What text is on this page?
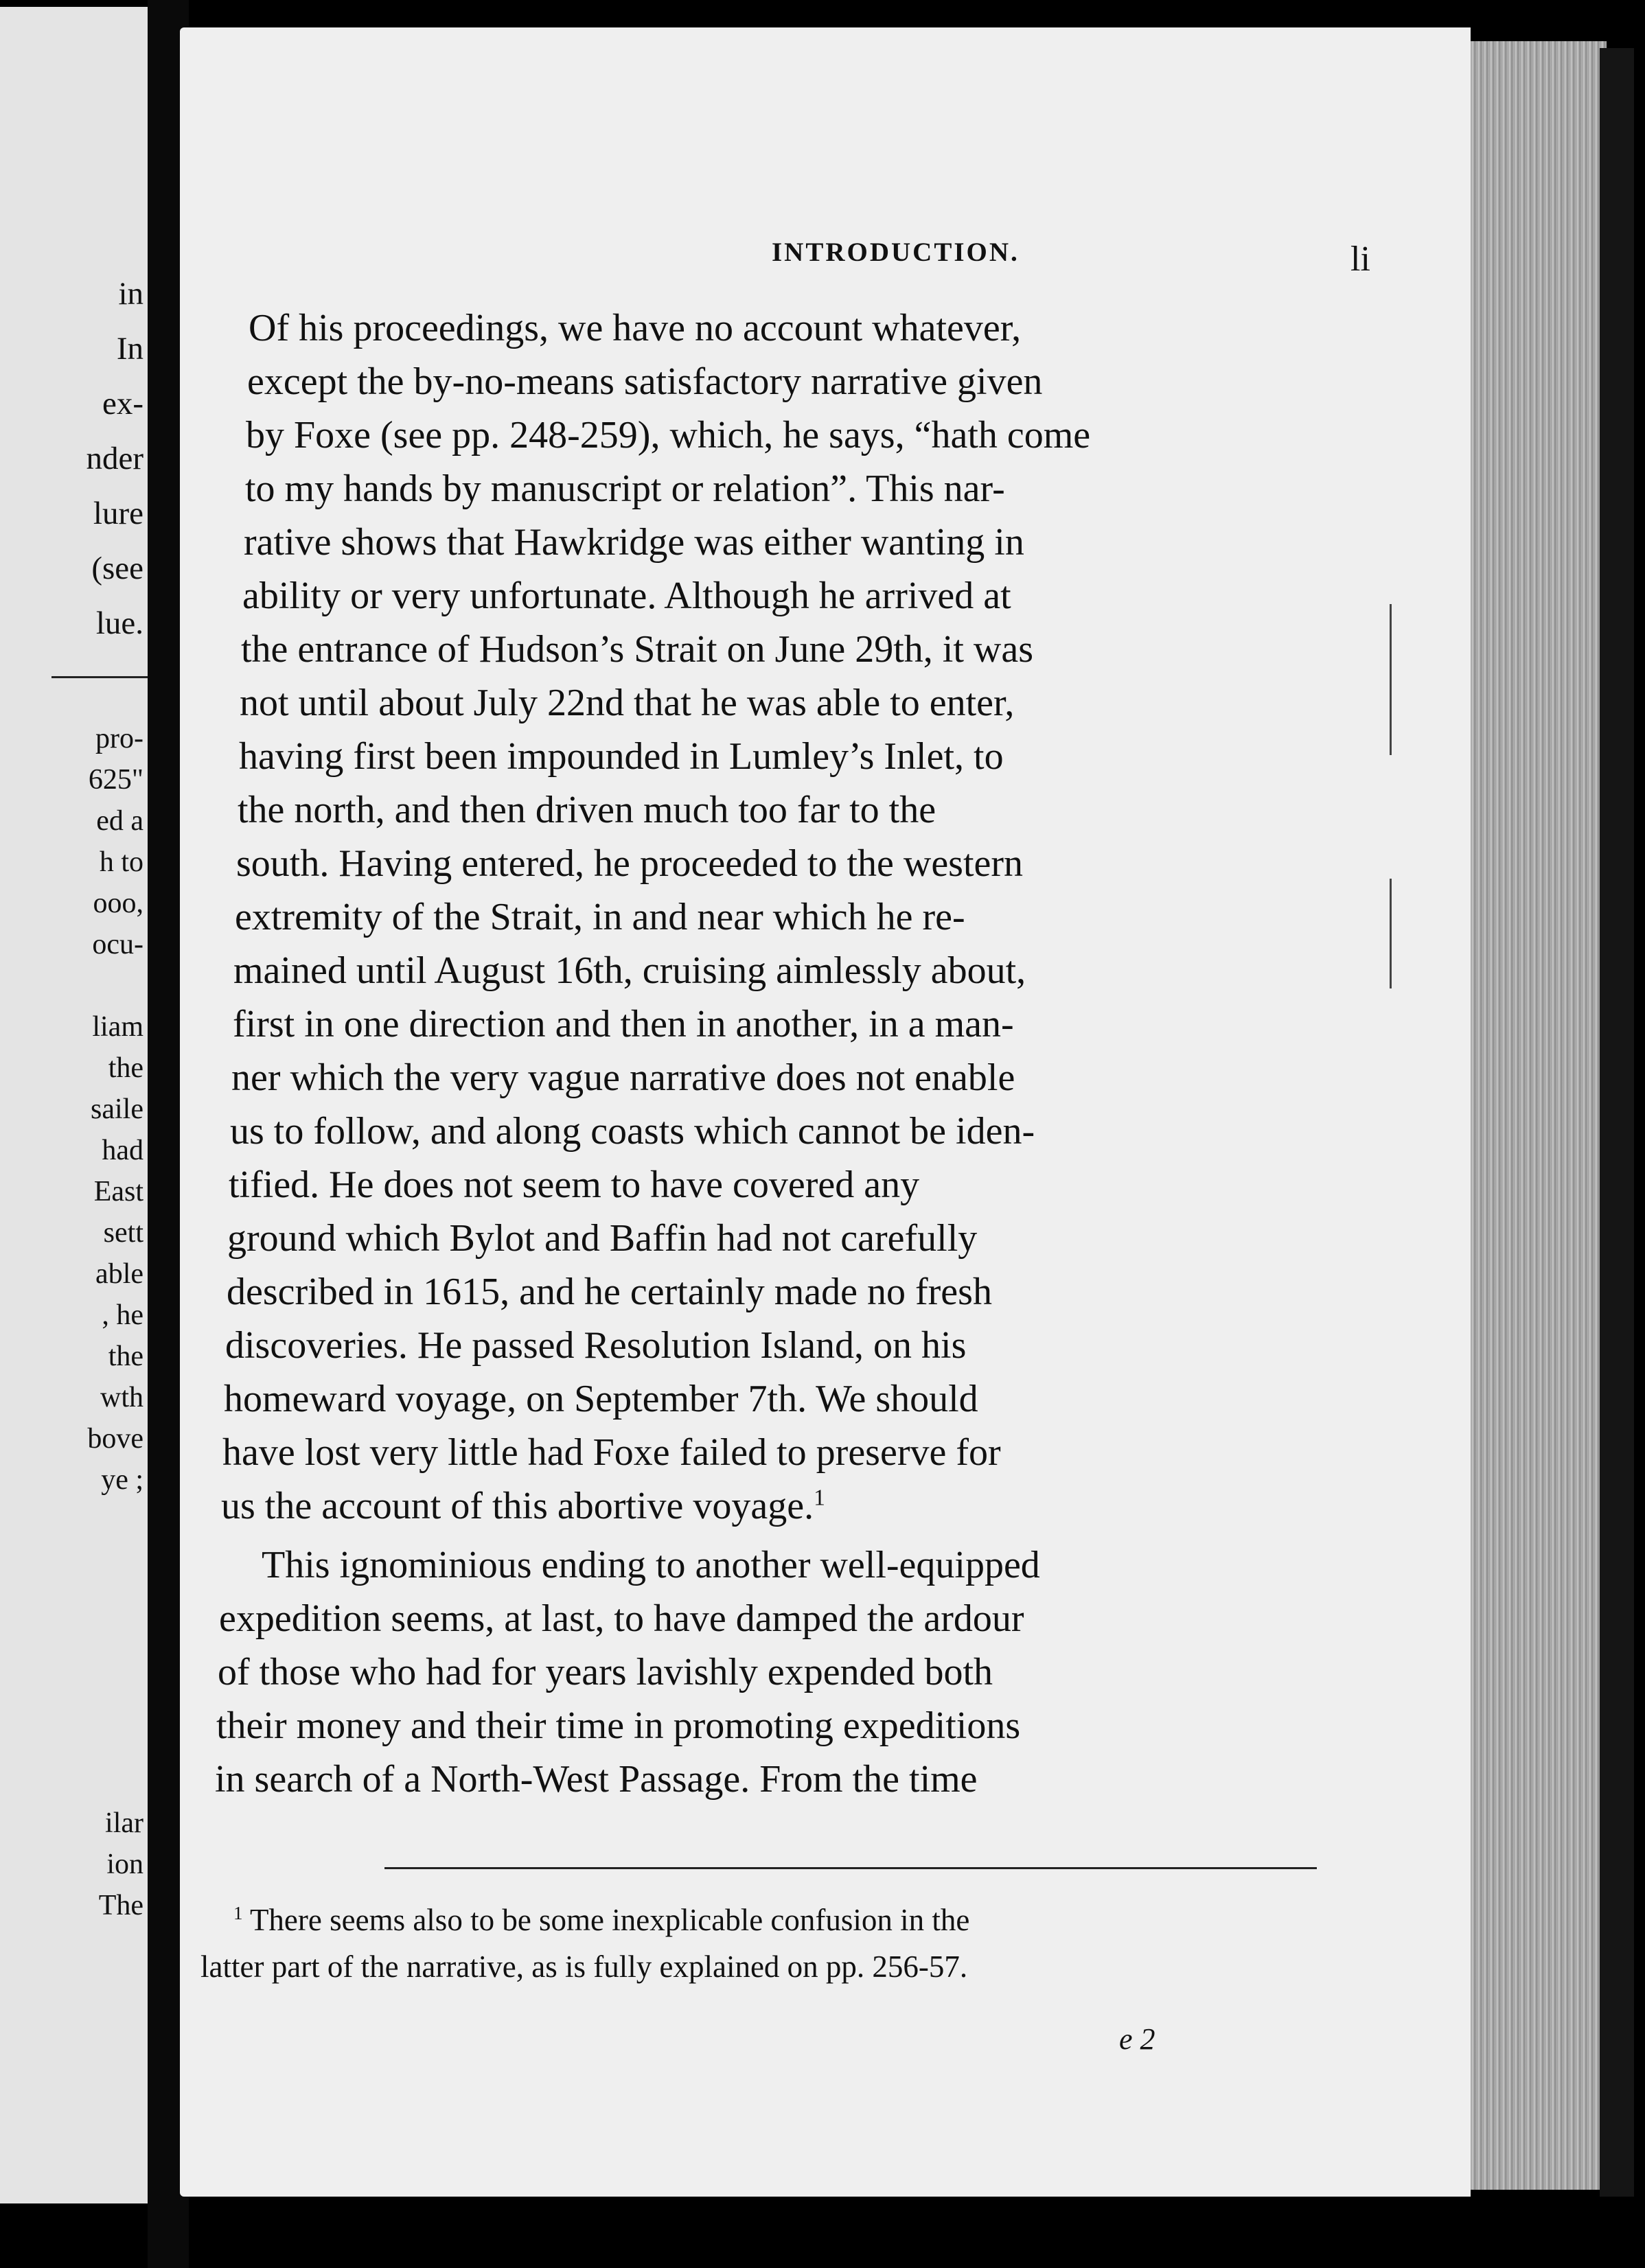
in
In
ex-
nder
lure
(see
lue.
pro-
625"
ed a
h to
ooo,
ocu-
liam
the
saile
had
East
sett
able
, he
the
wth
bove
ye ;
ilar
ion
The
INTRODUCTION.	li
Of his proceedings, we have no account whatever,
except the by-no-means satisfactory narrative given
by Foxe (see pp. 248-259), which, he says, “hath come
to my hands by manuscript or relation”. This nar-
rative shows that Hawkridge was either wanting in
ability or very unfortunate. Although he arrived at
the entrance of Hudson’s Strait on June 29th, it was
not until about July 22nd that he was able to enter,
having first been impounded in Lumley’s Inlet, to
the north, and then driven much too far to the
south. Having entered, he proceeded to the western
extremity of the Strait, in and near which he re-
mained until August 16th, cruising aimlessly about,
first in one direction and then in another, in a man-
ner which the very vague narrative does not enable
us to follow, and along coasts which cannot be iden-
tified. He does not seem to have covered any
ground which Bylot and Baffin had not carefully
described in 1615, and he certainly made no fresh
discoveries. He passed Resolution Island, on his
homeward voyage, on September 7th. We should
have lost very little had Foxe failed to preserve for
us the account of this abortive voyage.$^1$
This ignominious ending to another well-equipped
expedition seems, at last, to have damped the ardour
of those who had for years lavishly expended both
their money and their time in promoting expeditions
in search of a North-West Passage. From the time
$^1$ There seems also to be some inexplicable confusion in the
latter part of the narrative, as is fully explained on pp. 256-57.
e 2
